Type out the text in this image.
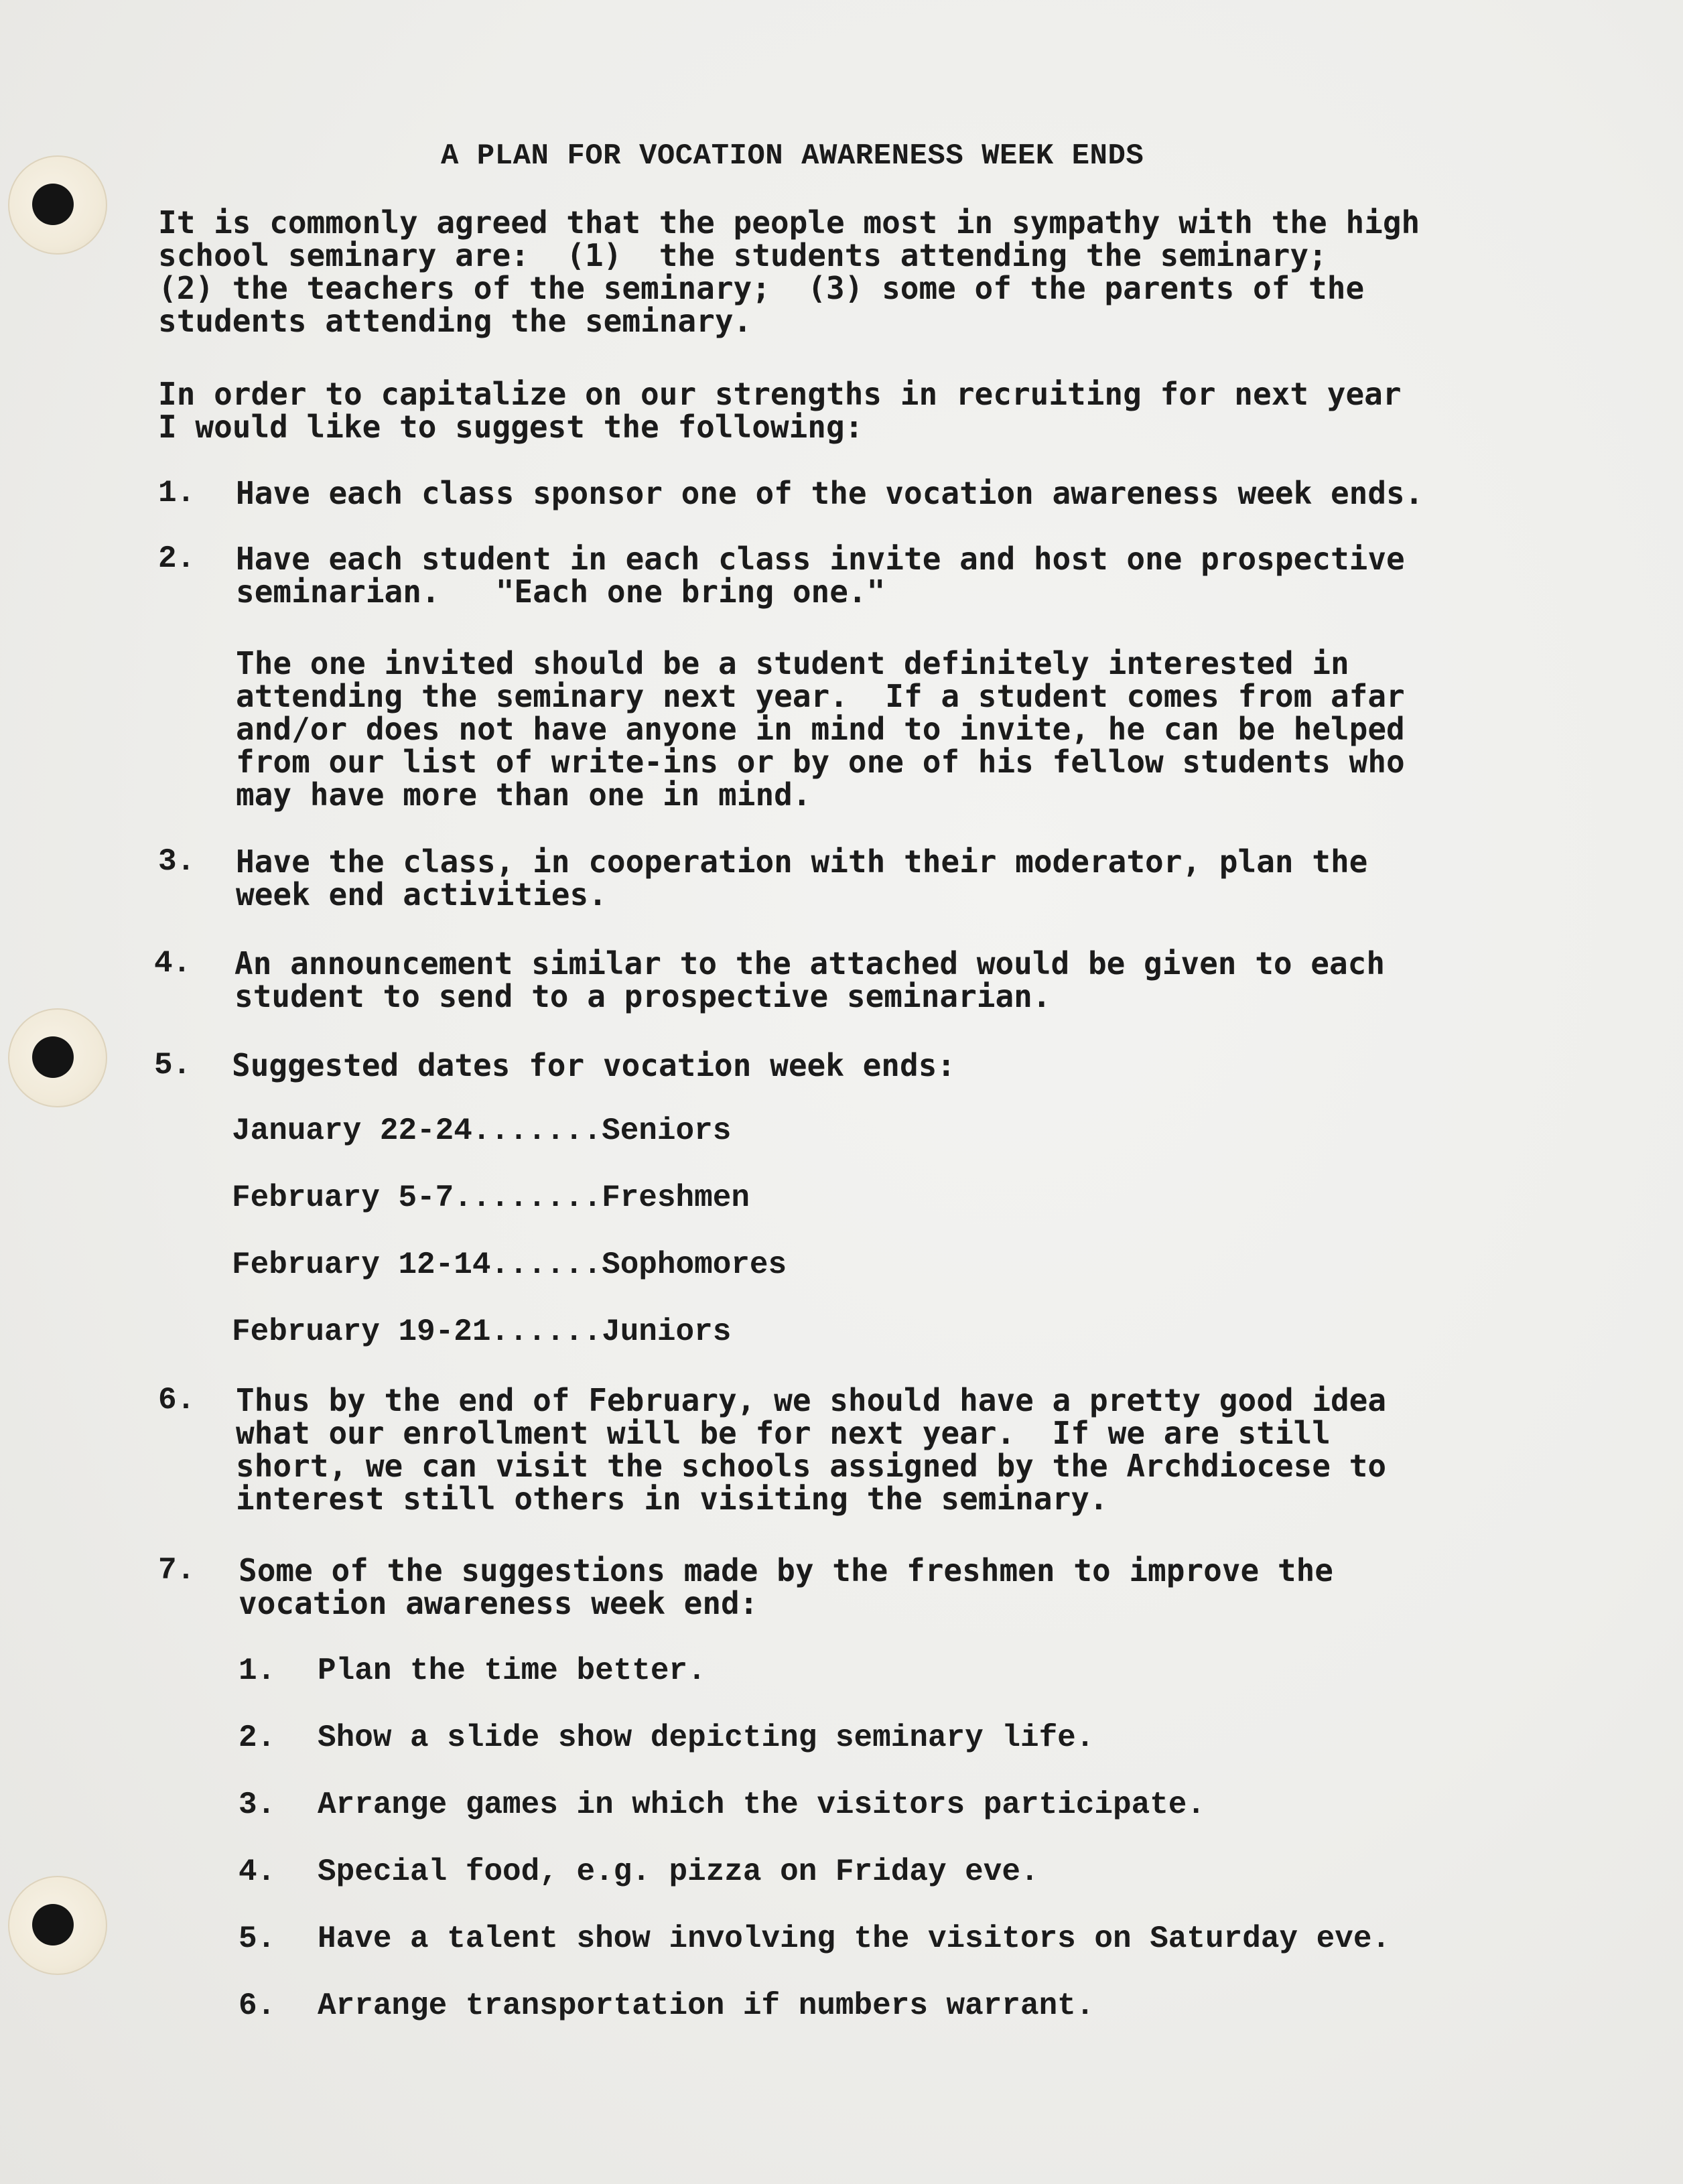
A PLAN FOR VOCATION AWARENESS WEEK ENDS
It is commonly agreed that the people most in sympathy with the high
school seminary are:  (1)  the students attending the seminary;
(2) the teachers of the seminary;  (3) some of the parents of the
students attending the seminary.
In order to capitalize on our strengths in recruiting for next year
I would like to suggest the following:
1. Have each class sponsor one of the vocation awareness week ends.
2. Have each student in each class invite and host one prospective
seminarian.   "Each one bring one."
The one invited should be a student definitely interested in
attending the seminary next year.  If a student comes from afar
and/or does not have anyone in mind to invite, he can be helped
from our list of write-ins or by one of his fellow students who
may have more than one in mind.
3. Have the class, in cooperation with their moderator, plan the
week end activities.
4. An announcement similar to the attached would be given to each
student to send to a prospective seminarian.
5. Suggested dates for vocation week ends:
January 22-24.......Seniors
February 5-7........Freshmen
February 12-14......Sophomores
February 19-21......Juniors
6. Thus by the end of February, we should have a pretty good idea
what our enrollment will be for next year.  If we are still
short, we can visit the schools assigned by the Archdiocese to
interest still others in visiting the seminary.
7. Some of the suggestions made by the freshmen to improve the
vocation awareness week end:
1. Plan the time better.
2. Show a slide show depicting seminary life.
3. Arrange games in which the visitors participate.
4. Special food, e.g. pizza on Friday eve.
5. Have a talent show involving the visitors on Saturday eve.
6. Arrange transportation if numbers warrant.
